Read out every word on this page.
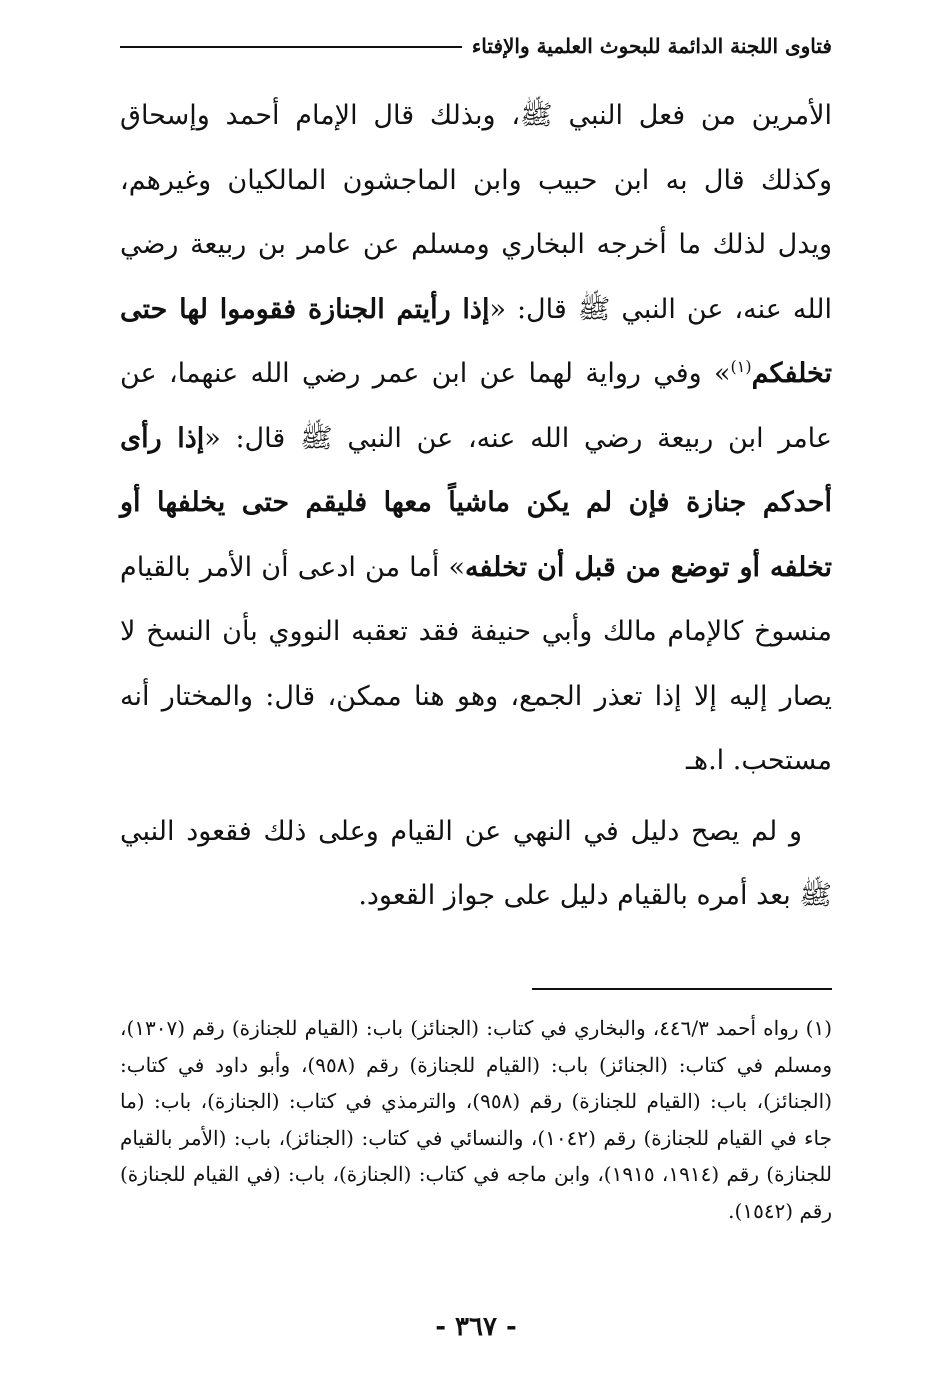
فتاوى اللجنة الدائمة للبحوث العلمية والإفتاء

الأمرين من فعل النبي ﷺ، وبذلك قال الإمام أحمد وإسحاق وكذلك قال به ابن حبيب وابن الماجشون المالكيان وغيرهم، ويدل لذلك ما أخرجه البخاري ومسلم عن عامر بن ربيعة رضي الله عنه، عن النبي ﷺ قال: «إذا رأيتم الجنازة فقوموا لها حتى تخلفكم$^{(١)}$» وفي رواية لهما عن ابن عمر رضي الله عنهما، عن عامر ابن ربيعة رضي الله عنه، عن النبي ﷺ قال: «إذا رأى أحدكم جنازة فإن لم يكن ماشياً معها فليقم حتى يخلفها أو تخلفه أو توضع من قبل أن تخلفه» أما من ادعى أن الأمر بالقيام منسوخ كالإمام مالك وأبي حنيفة فقد تعقبه النووي بأن النسخ لا يصار إليه إلا إذا تعذر الجمع، وهو هنا ممكن، قال: والمختار أنه مستحب. ا.هـ

و لم يصح دليل في النهي عن القيام وعلى ذلك فقعود النبي ﷺ بعد أمره بالقيام دليل على جواز القعود.

(١) رواه أحمد ٤٤٦/٣، والبخاري في كتاب: (الجنائز) باب: (القيام للجنازة) رقم (١٣٠٧)، ومسلم في كتاب: (الجنائز) باب: (القيام للجنازة) رقم (٩٥٨)، وأبو داود في كتاب: (الجنائز)، باب: (القيام للجنازة) رقم (٩٥٨)، والترمذي في كتاب: (الجنازة)، باب: (ما جاء في القيام للجنازة) رقم (١٠٤٢)، والنسائي في كتاب: (الجنائز)، باب: (الأمر بالقيام للجنازة) رقم (١٩١٤، ١٩١٥)، وابن ماجه في كتاب: (الجنازة)، باب: (في القيام للجنازة) رقم (١٥٤٢).
- ٣٦٧ -
